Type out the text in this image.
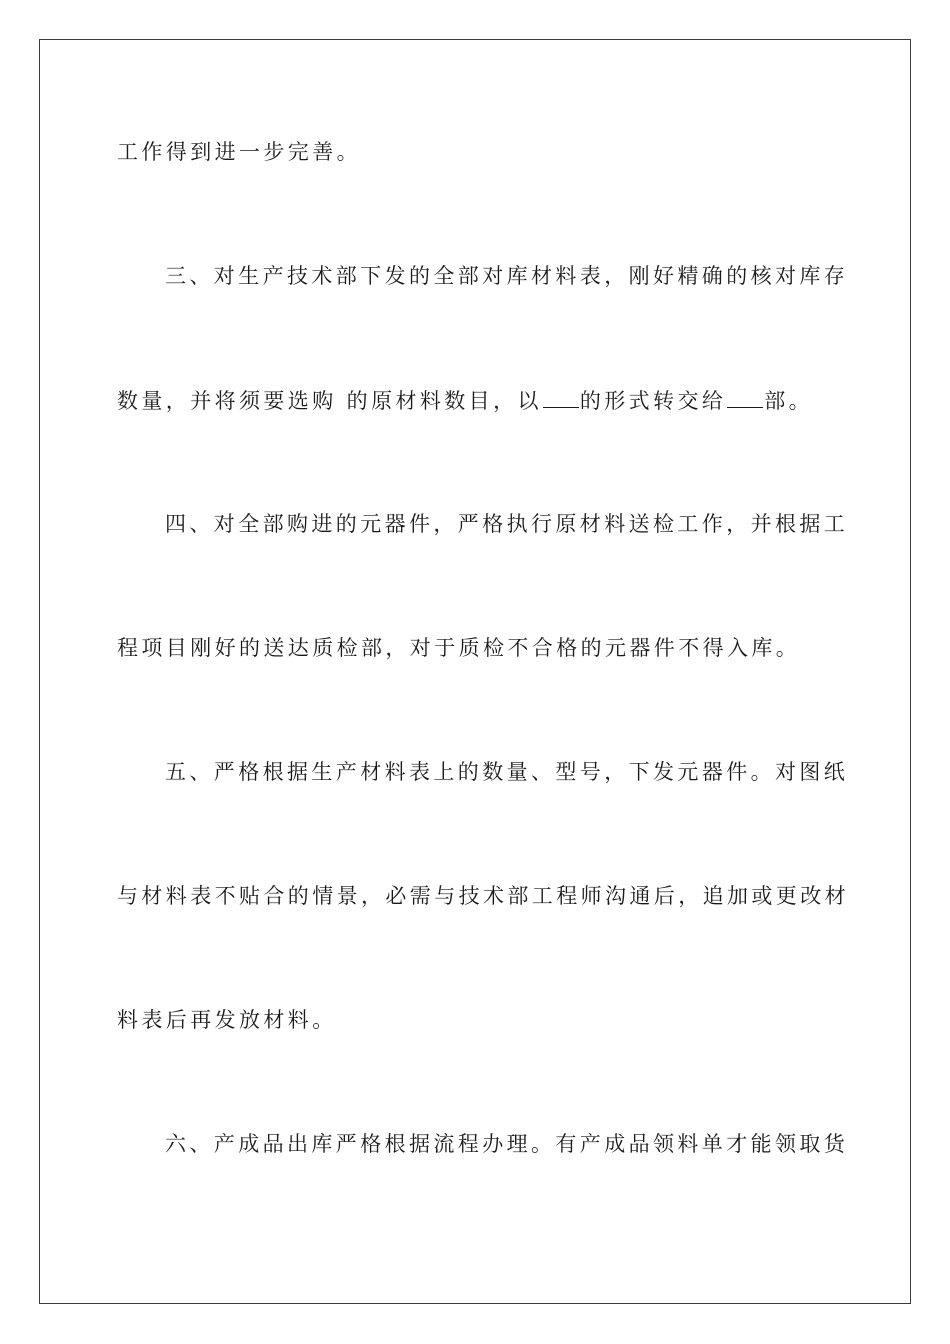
工作得到进一步完善。
三、对生产技术部下发的全部对库材料表，刚好精确的核对库存
数量，并将须要选购 的原材料数目，以 的形式转交给 部。
四、对全部购进的元器件，严格执行原材料送检工作，并根据工
程项目刚好的送达质检部，对于质检不合格的元器件不得入库。
五、严格根据生产材料表上的数量、型号，下发元器件。对图纸
与材料表不贴合的情景，必需与技术部工程师沟通后，追加或更改材
料表后再发放材料。
六、产成品出库严格根据流程办理。有产成品领料单才能领取货
